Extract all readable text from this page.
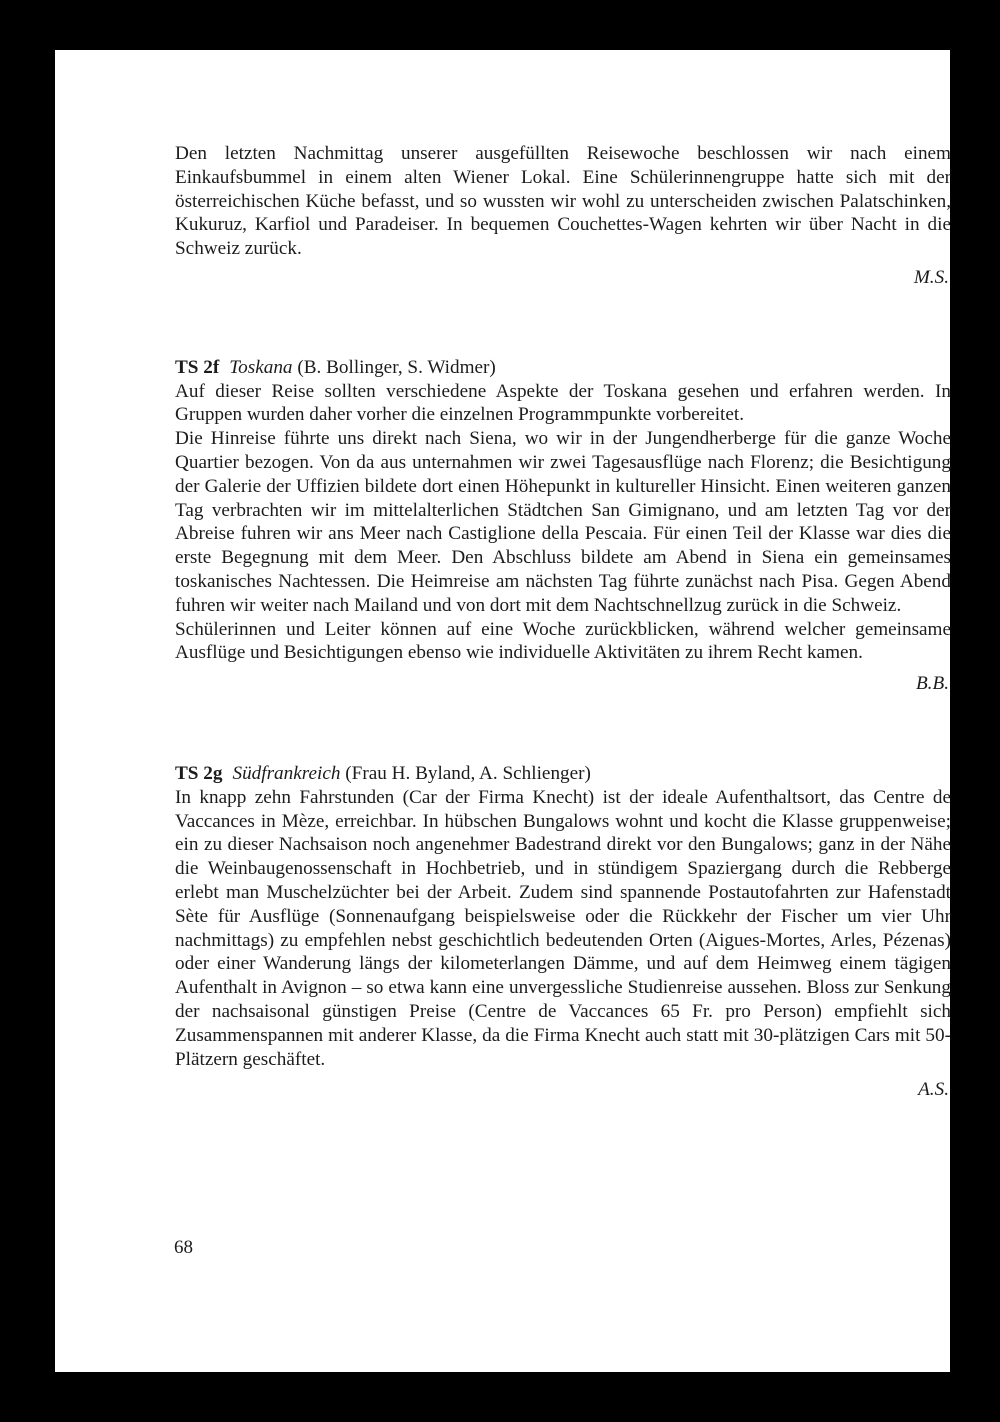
Den letzten Nachmittag unserer ausgefüllten Reisewoche beschlossen wir nach einem Einkaufsbummel in einem alten Wiener Lokal. Eine Schülerinnengruppe hatte sich mit der österreichischen Küche befasst, und so wussten wir wohl zu unterscheiden zwischen Palatschinken, Kukuruz, Karfiol und Paradeiser. In bequemen Couchettes-Wagen kehrten wir über Nacht in die Schweiz zurück.

M.S.

TS 2f Toskana (B. Bollinger, S. Widmer)

Auf dieser Reise sollten verschiedene Aspekte der Toskana gesehen und erfahren werden. In Gruppen wurden daher vorher die einzelnen Programmpunkte vorbereitet.

Die Hinreise führte uns direkt nach Siena, wo wir in der Jungendherberge für die ganze Woche Quartier bezogen. Von da aus unternahmen wir zwei Tagesausflüge nach Florenz; die Besichtigung der Galerie der Uffizien bildete dort einen Höhepunkt in kultureller Hinsicht. Einen weiteren ganzen Tag verbrachten wir im mittelalterlichen Städtchen San Gimignano, und am letzten Tag vor der Abreise fuhren wir ans Meer nach Castiglione della Pescaia. Für einen Teil der Klasse war dies die erste Begegnung mit dem Meer. Den Abschluss bildete am Abend in Siena ein gemeinsames toskanisches Nachtessen. Die Heimreise am nächsten Tag führte zunächst nach Pisa. Gegen Abend fuhren wir weiter nach Mailand und von dort mit dem Nachtschnellzug zurück in die Schweiz.

Schülerinnen und Leiter können auf eine Woche zurückblicken, während welcher gemeinsame Ausflüge und Besichtigungen ebenso wie individuelle Aktivitäten zu ihrem Recht kamen.

B.B.

TS 2g Südfrankreich (Frau H. Byland, A. Schlienger)

In knapp zehn Fahrstunden (Car der Firma Knecht) ist der ideale Aufenthaltsort, das Centre de Vaccances in Mèze, erreichbar. In hübschen Bungalows wohnt und kocht die Klasse gruppenweise; ein zu dieser Nachsaison noch angenehmer Badestrand direkt vor den Bungalows; ganz in der Nähe die Weinbaugenossenschaft in Hochbetrieb, und in stündigem Spaziergang durch die Rebberge erlebt man Muschelzüchter bei der Arbeit. Zudem sind spannende Postautofahrten zur Hafenstadt Sète für Ausflüge (Sonnenaufgang beispielsweise oder die Rückkehr der Fischer um vier Uhr nachmittags) zu empfehlen nebst geschichtlich bedeutenden Orten (Aigues-Mortes, Arles, Pézenas) oder einer Wanderung längs der kilometerlangen Dämme, und auf dem Heimweg einem tägigen Aufenthalt in Avignon – so etwa kann eine unvergessliche Studienreise aussehen. Bloss zur Senkung der nachsaisonal günstigen Preise (Centre de Vaccances 65 Fr. pro Person) empfiehlt sich Zusammenspannen mit anderer Klasse, da die Firma Knecht auch statt mit 30-plätzigen Cars mit 50-Plätzern geschäftet.

A.S.

68
